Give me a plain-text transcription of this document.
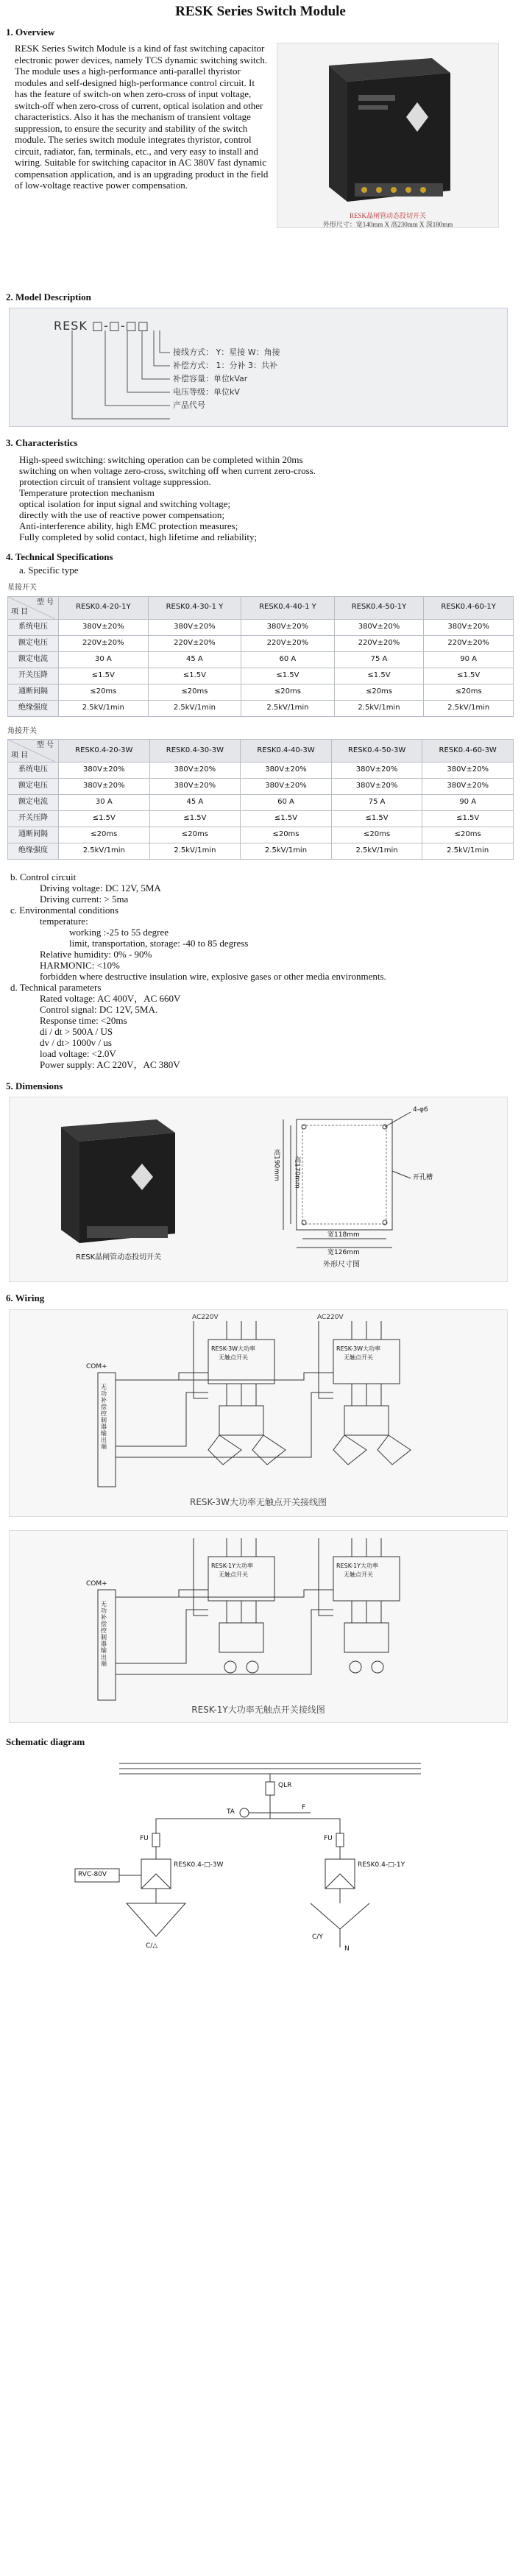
RESK Series Switch Module
1. Overview
RESK Series Switch Module is a kind of fast switching capacitor electronic power devices, namely TCS dynamic switching switch. The module uses a high-performance anti-parallel thyristor modules and self-designed high-performance control circuit. It has the feature of switch-on when zero-cross of input voltage, switch-off when zero-cross of current, optical isolation and other characteristics. Also it has the mechanism of transient voltage suppression, to ensure the security and stability of the switch module. The series switch module integrates thyristor, control circuit, radiator, fan, terminals, etc., and very easy to install and wiring. Suitable for switching capacitor in AC 380V fast dynamic compensation application, and is an upgrading product in the field of low-voltage reactive power compensation.
RESK晶闸管动态投切开关
外形尺寸：宽140mm X 高230mm X 深180mm
2. Model Description
RESK □-□-□□
接线方式： Y：星接 W：角接
补偿方式： 1：分补 3：共补
补偿容量：单位kVar
电压等级：单位kV
产品代号
3. Characteristics
High-speed switching: switching operation can be completed within 20ms
switching on when voltage zero-cross, switching off when current zero-cross.
protection circuit of transient voltage suppression.
Temperature protection mechanism
optical isolation for input signal and switching voltage;
directly with the use of reactive power compensation;
Anti-interference ability, high EMC protection measures;
Fully completed by solid contact, high lifetime and reliability;
4. Technical Specifications
a. Specific type
星接开关
型 号
项 目	RESK0.4-20-1Y	RESK0.4-30-1 Y	RESK0.4-40-1 Y	RESK0.4-50-1Y	RESK0.4-60-1Y
系统电压	380V±20%	380V±20%	380V±20%	380V±20%	380V±20%
额定电压	220V±20%	220V±20%	220V±20%	220V±20%	220V±20%
额定电流	30 A	45 A	60 A	75 A	90 A
开关压降	≤1.5V	≤1.5V	≤1.5V	≤1.5V	≤1.5V
通断间隔	≤20ms	≤20ms	≤20ms	≤20ms	≤20ms
绝缘强度	2.5kV/1min	2.5kV/1min	2.5kV/1min	2.5kV/1min	2.5kV/1min
角接开关
型 号
项 目	RESK0.4-20-3W	RESK0.4-30-3W	RESK0.4-40-3W	RESK0.4-50-3W	RESK0.4-60-3W
系统电压	380V±20%	380V±20%	380V±20%	380V±20%	380V±20%
额定电压	380V±20%	380V±20%	380V±20%	380V±20%	380V±20%
额定电流	30 A	45 A	60 A	75 A	90 A
开关压降	≤1.5V	≤1.5V	≤1.5V	≤1.5V	≤1.5V
通断间隔	≤20ms	≤20ms	≤20ms	≤20ms	≤20ms
绝缘强度	2.5kV/1min	2.5kV/1min	2.5kV/1min	2.5kV/1min	2.5kV/1min
b. Control circuit
Driving voltage: DC 12V, 5MA
Driving current: > 5ma
c. Environmental conditions
temperature:
working :-25 to 55 degree
limit, transportation, storage: -40 to 85 degress
Relative humidity: 0% - 90%
HARMONIC: <10%
forbidden where destructive insulation wire, explosive gases or other media environments.
d. Technical parameters
Rated voltage: AC 400V，AC 660V
Control signal: DC 12V, 5MA.
Response time: <20ms
di / dt > 500A / US
dv / dt> 1000v / us
load voltage: <2.0V
Power supply: AC 220V，AC 380V
5. Dimensions
RESK晶闸管动态投切开关
外形尺寸图
4-φ6
开孔槽
高190mm 高170mm
宽118mm
宽126mm
6. Wiring
AC220V	AC220V
RESK-3W大功率
无触点开关
RESK-3W大功率
无触点开关
无功补偿控制器输出端
COM+
RESK-3W大功率无触点开关接线图
RESK-1Y大功率
无触点开关
RESK-1Y大功率
无触点开关
无功补偿控制器输出端
COM+
RESK-1Y大功率无触点开关接线图
Schematic diagram
QLR
TA
F
FU	FU
RESK0.4-□-3W	RESK0.4-□-1Y
RVC-80V
C/△
C/Y
N
